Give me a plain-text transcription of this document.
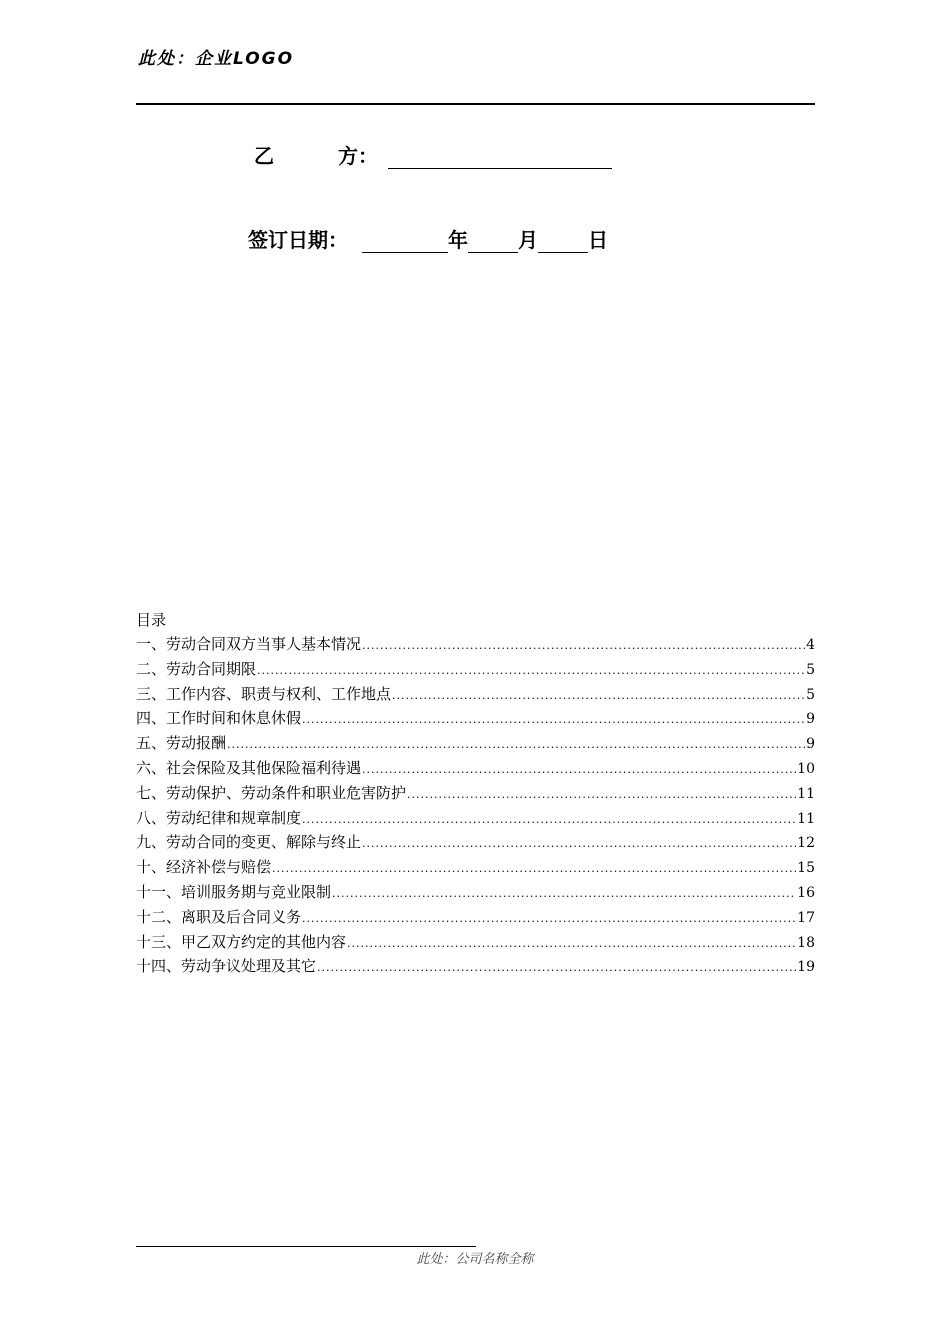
此处：企业LOGO
乙	方：
签订日期：	年	月	日
目录
一、劳动合同双方当事人基本情况 .....	4
二、劳动合同期限 .....	5
三、工作内容、职责与权利、工作地点 .....	5
四、工作时间和休息休假 .....	9
五、劳动报酬 .....	9
六、社会保险及其他保险福利待遇 .....	10
七、劳动保护、劳动条件和职业危害防护 .....	11
八、劳动纪律和规章制度 .....	11
九、劳动合同的变更、解除与终止 .....	12
十、经济补偿与赔偿 .....	15
十一、培训服务期与竞业限制 .....	16
十二、离职及后合同义务 .....	17
十三、甲乙双方约定的其他内容 .....	18
十四、劳动争议处理及其它 .....	19
此处：公司名称全称
